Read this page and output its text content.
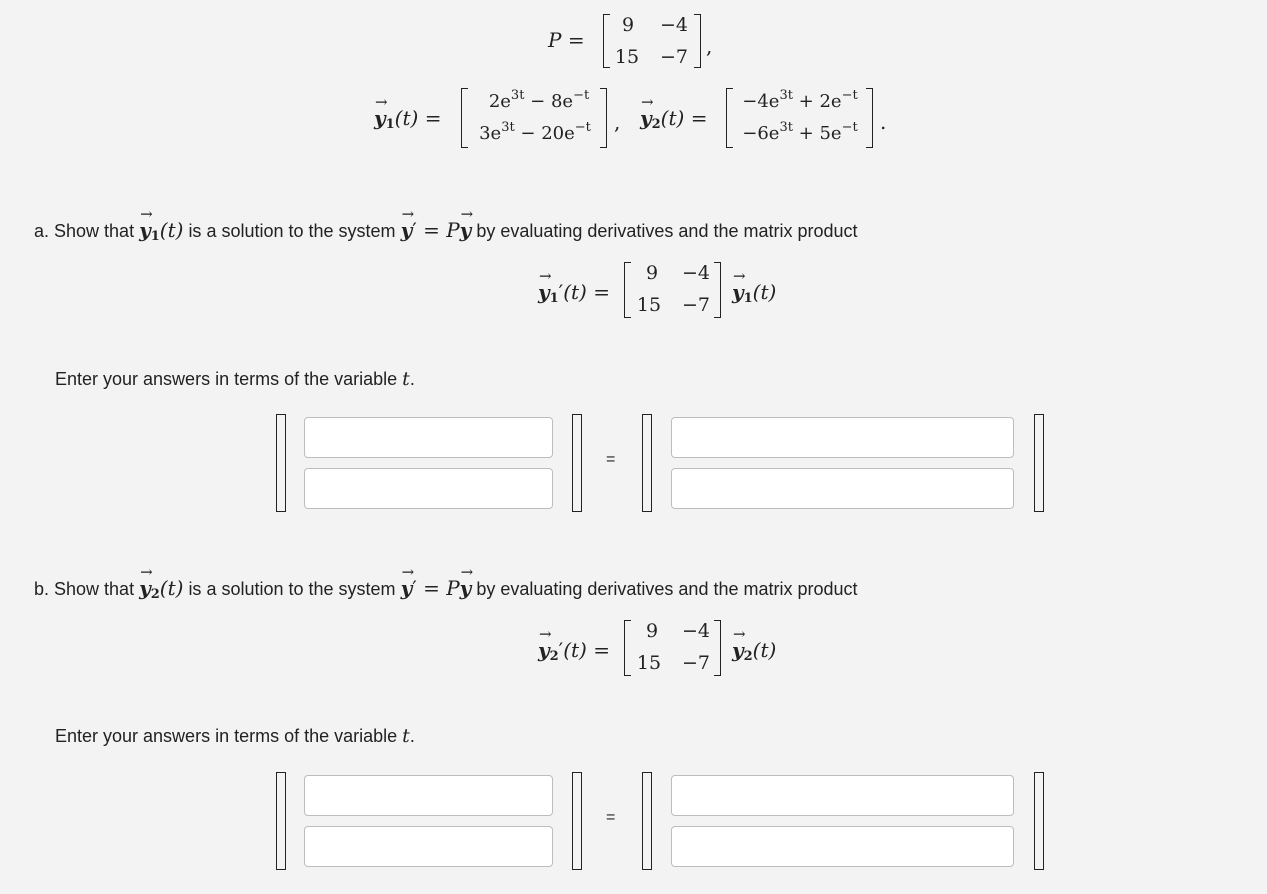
P =
9	−4
15 −7 ,
→ $y_1(t)$ =
$2e^{3t} - 8e^{-t}$
$3e^{3t} - 20e^{-t}$	, → $y_2(t)$ =
$-4e^{3t} + 2e^{-t}$
$-6e^{3t} + 5e^{-t}$	.
a. Show that → $y_1(t)$ is a solution to the system → y′ = P→ y by evaluating derivatives and the matrix product
→ $y_1'(t)$ =
9	−4
15 −7
→ $y_1(t)$
Enter your answers in terms of the variable t.
=
b. Show that → $y_2(t)$ is a solution to the system → y′ = P→ y by evaluating derivatives and the matrix product
→ $y_2'(t)$ =
9	−4
15 −7
→ $y_2(t)$
Enter your answers in terms of the variable t.
=
